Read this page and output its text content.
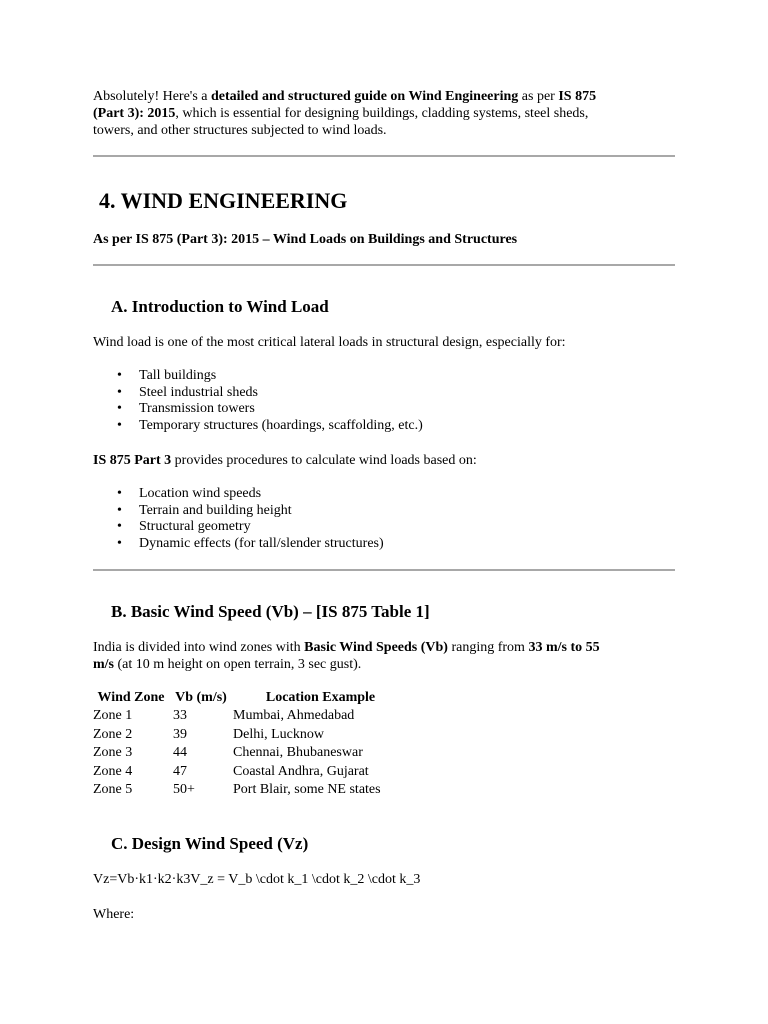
Absolutely! Here's a detailed and structured guide on Wind Engineering as per IS 875
(Part 3): 2015, which is essential for designing buildings, cladding systems, steel sheds,
towers, and other structures subjected to wind loads.
4. WIND ENGINEERING
As per IS 875 (Part 3): 2015 – Wind Loads on Buildings and Structures
A. Introduction to Wind Load
Wind load is one of the most critical lateral loads in structural design, especially for:
• Tall buildings
• Steel industrial sheds
• Transmission towers
• Temporary structures (hoardings, scaffolding, etc.)
IS 875 Part 3 provides procedures to calculate wind loads based on:
• Location wind speeds
• Terrain and building height
• Structural geometry
• Dynamic effects (for tall/slender structures)
B. Basic Wind Speed (Vb) – [IS 875 Table 1]
India is divided into wind zones with Basic Wind Speeds (Vb) ranging from 33 m/s to 55
m/s (at 10 m height on open terrain, 3 sec gust).
Wind Zone	Vb (m/s)	Location Example
Zone 1	33	Mumbai, Ahmedabad
Zone 2	39	Delhi, Lucknow
Zone 3	44	Chennai, Bhubaneswar
Zone 4	47	Coastal Andhra, Gujarat
Zone 5	50+	Port Blair, some NE states
C. Design Wind Speed (Vz)
Vz=Vb·k1·k2·k3V_z = V_b \cdot k_1 \cdot k_2 \cdot k_3
Where:
